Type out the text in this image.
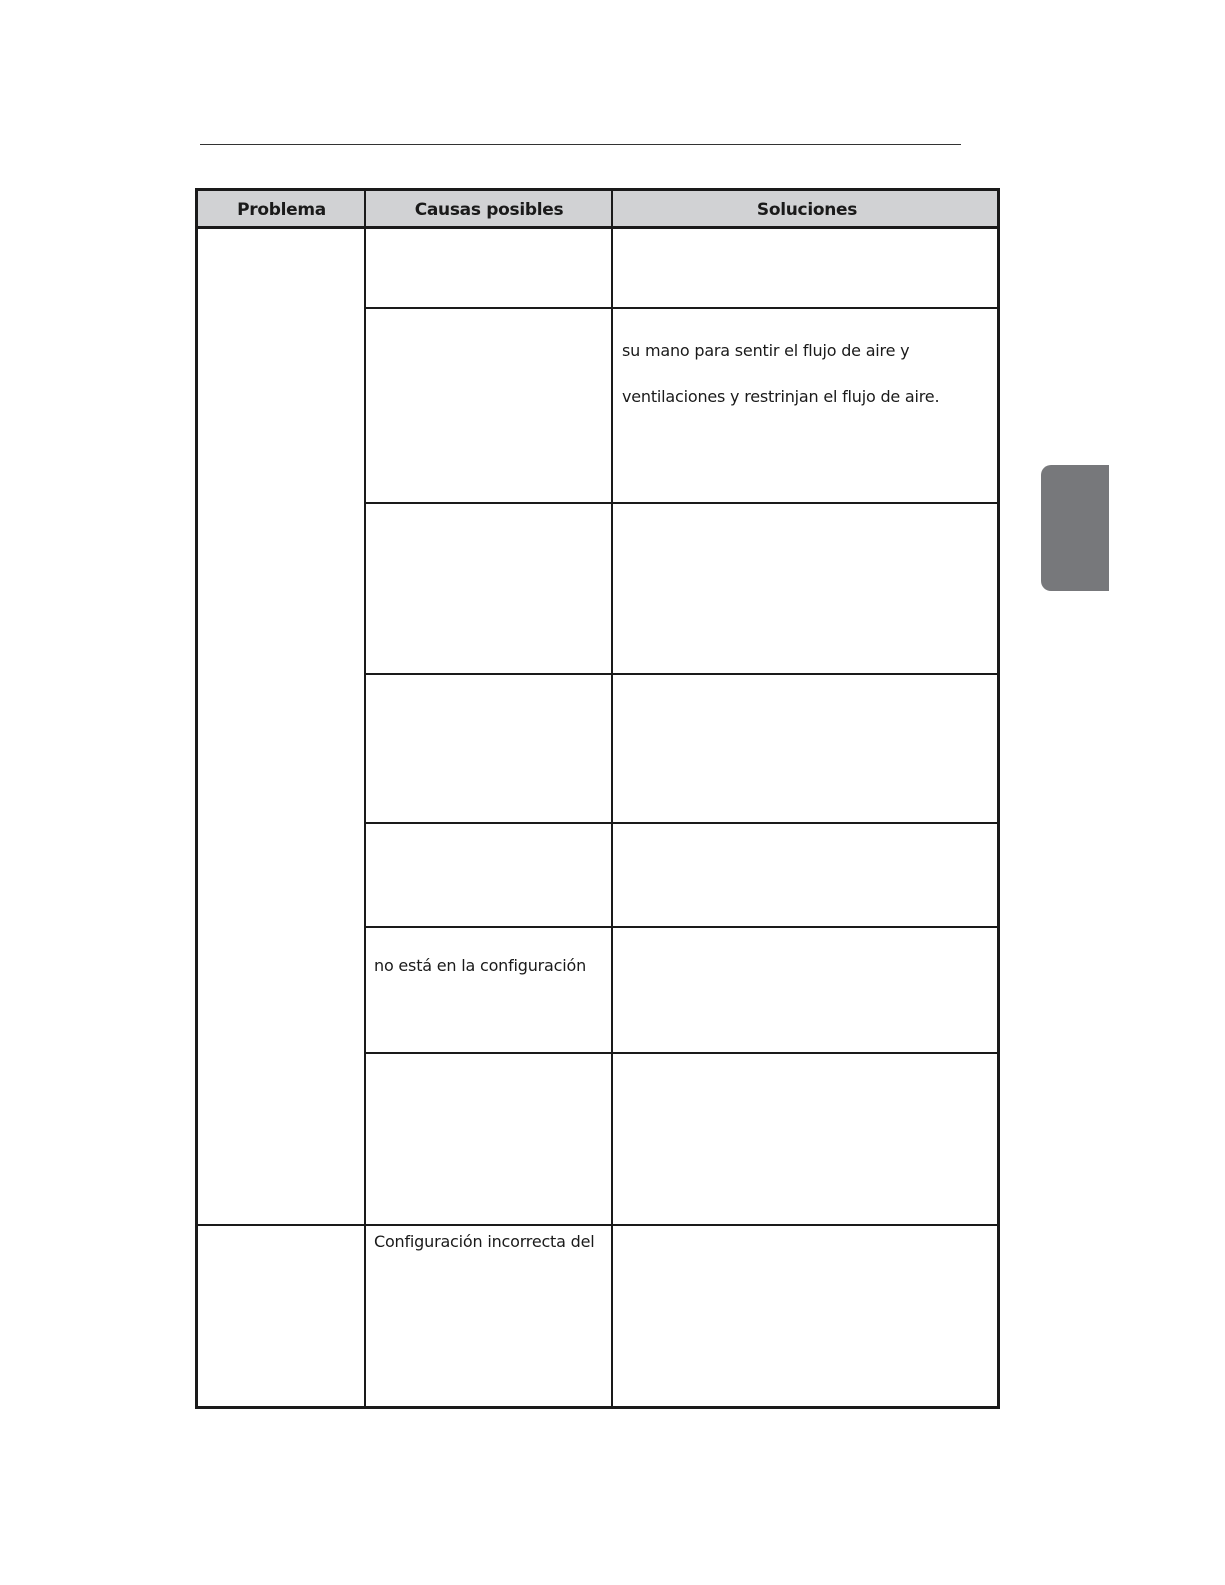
Problema	Causas posibles	Soluciones
su mano para sentir el flujo de aire y
ventilaciones y restrinjan el flujo de aire.
no está en la configuración
Configuración incorrecta del
